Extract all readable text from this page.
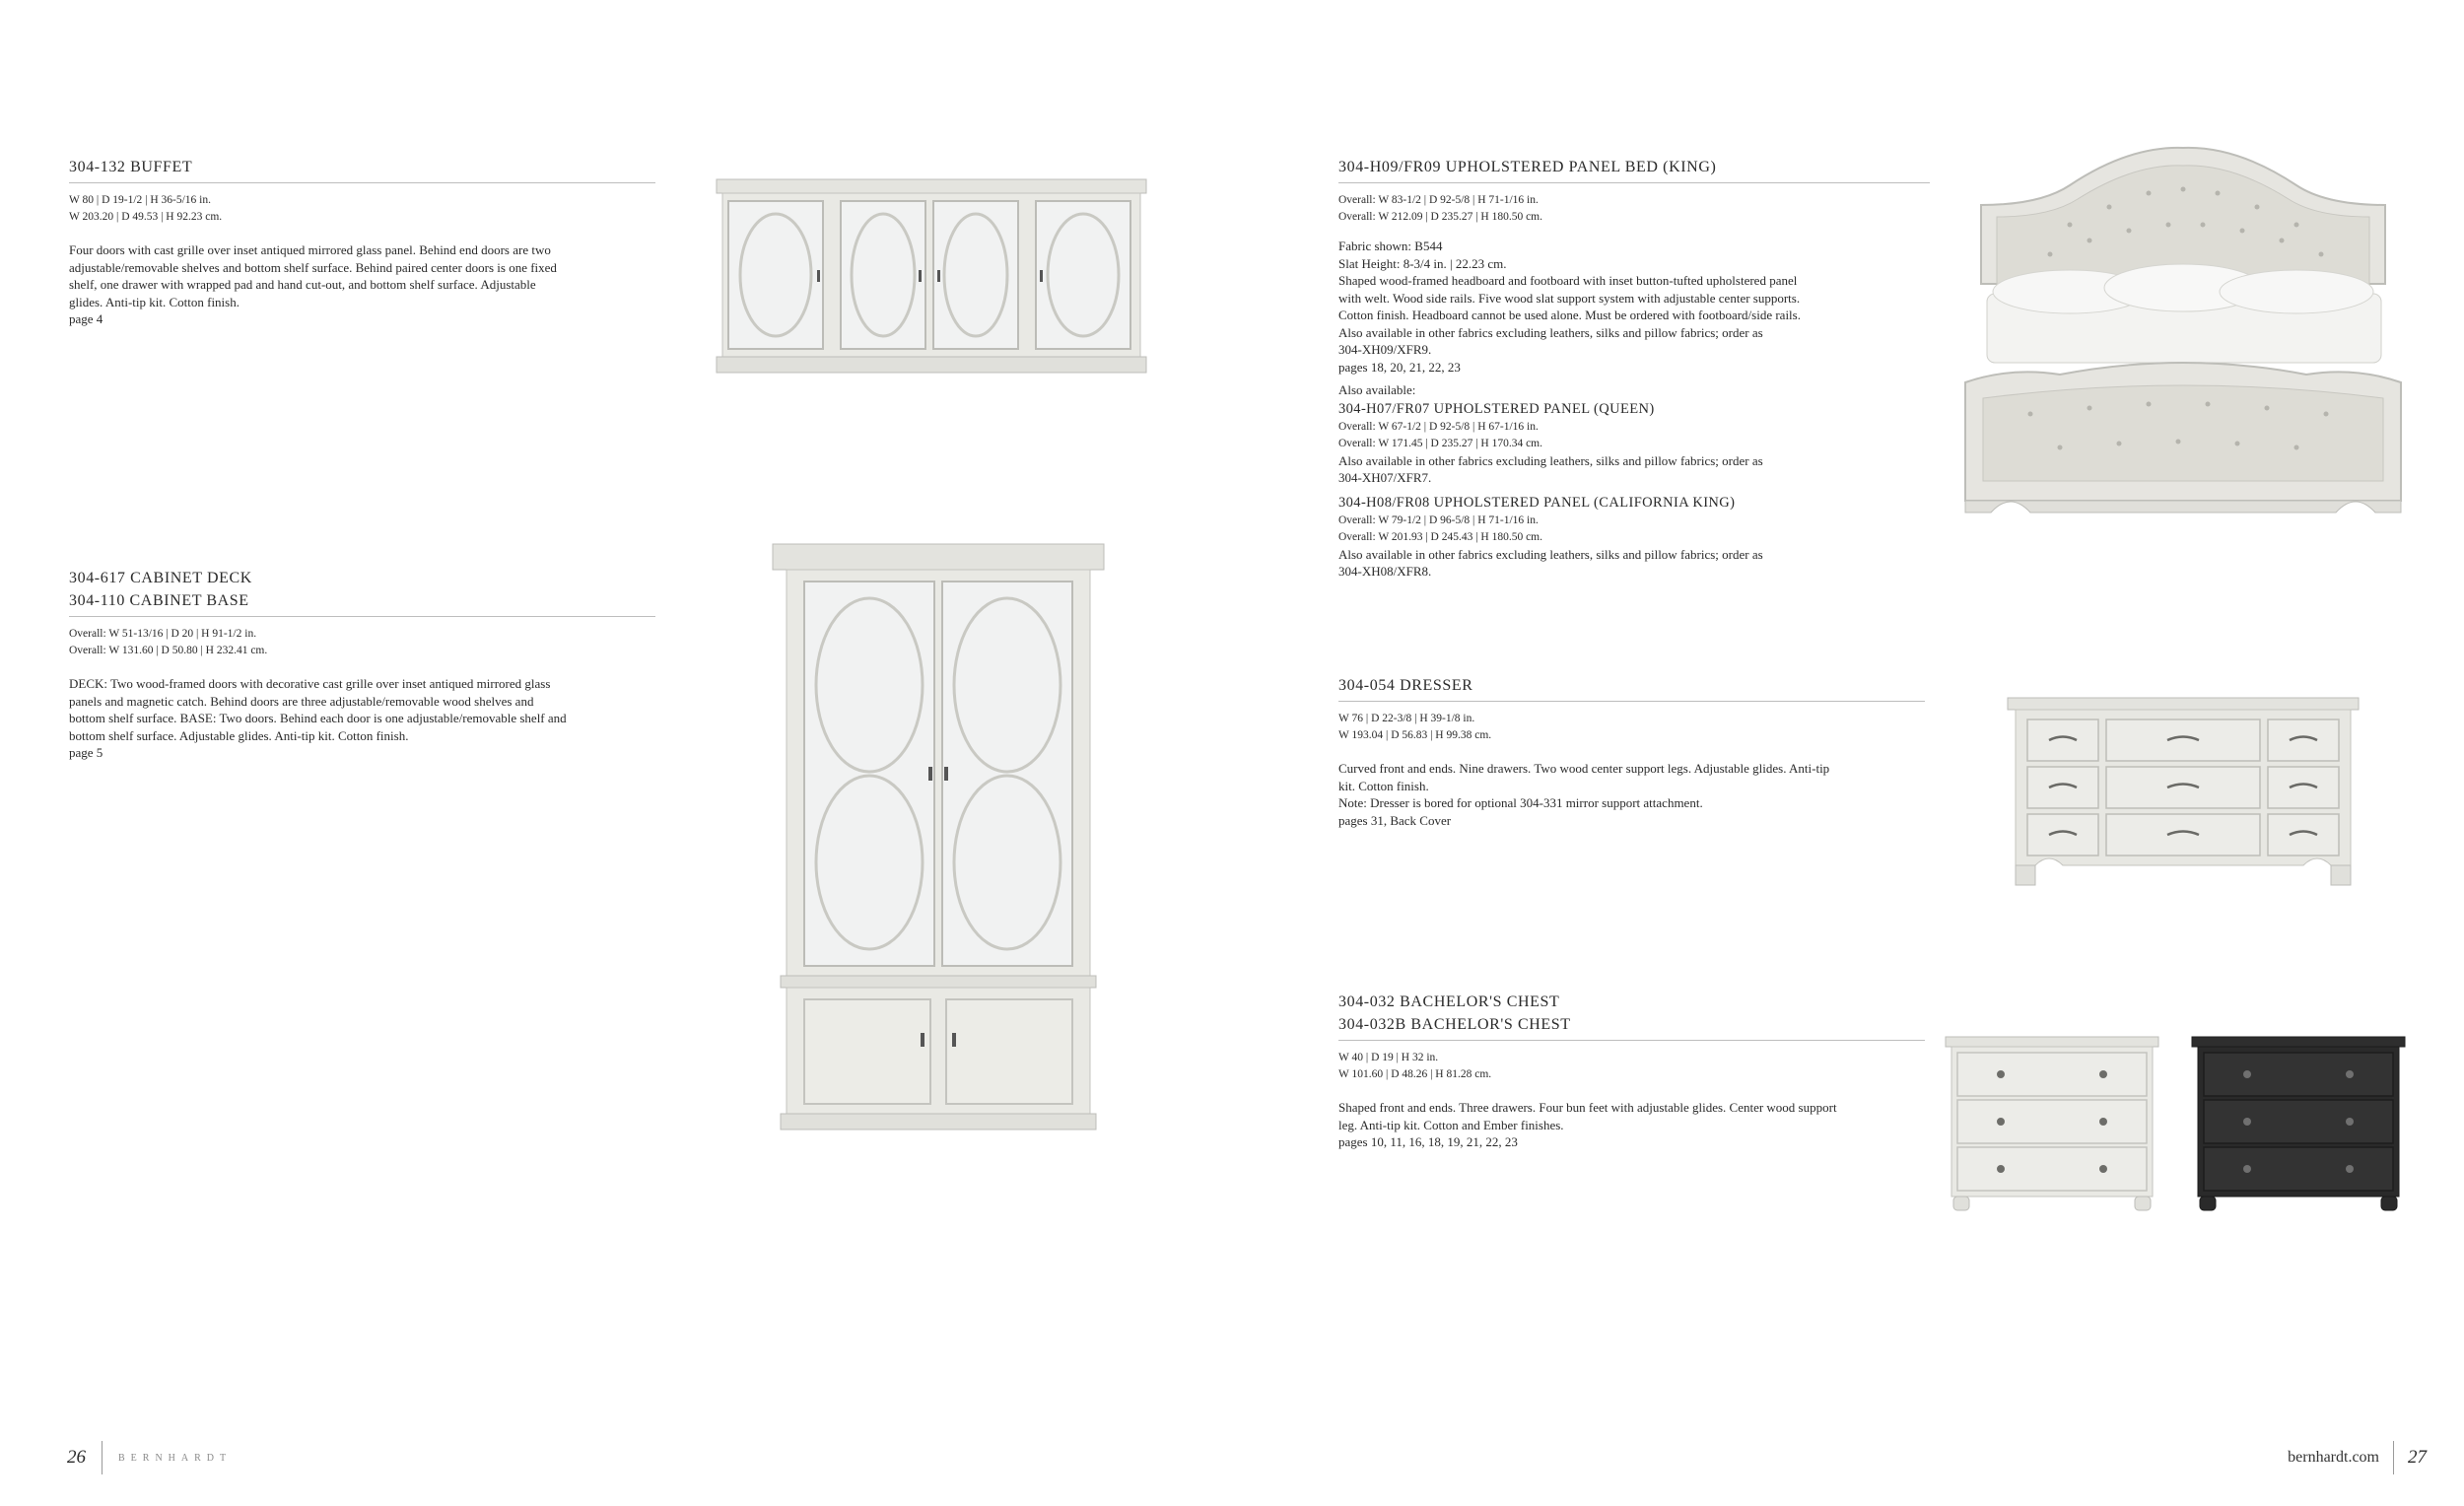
304-132 BUFFET
W 80 | D 19-1/2 | H 36-5/16 in.
W 203.20 | D 49.53 | H 92.23 cm.
Four doors with cast grille over inset antiqued mirrored glass panel. Behind end doors are two
adjustable/removable shelves and bottom shelf surface. Behind paired center doors is one fixed
shelf, one drawer with wrapped pad and hand cut-out, and bottom shelf surface. Adjustable
glides. Anti-tip kit. Cotton finish.
page 4
304-617 CABINET DECK
304-110 CABINET BASE
Overall: W 51-13/16 | D 20 | H 91-1/2 in.
Overall: W 131.60 | D 50.80 | H 232.41 cm.
DECK: Two wood-framed doors with decorative cast grille over inset antiqued mirrored glass
panels and magnetic catch. Behind doors are three adjustable/removable wood shelves and
bottom shelf surface. BASE: Two doors. Behind each door is one adjustable/removable shelf and
bottom shelf surface. Adjustable glides. Anti-tip kit. Cotton finish.
page 5
26	BERNHARDT
304-H09/FR09 UPHOLSTERED PANEL BED (KING)
Overall: W 83-1/2 | D 92-5/8 | H 71-1/16 in.
Overall: W 212.09 | D 235.27 | H 180.50 cm.
Fabric shown: B544
Slat Height: 8-3/4 in. | 22.23 cm.
Shaped wood-framed headboard and footboard with inset button-tufted upholstered panel
with welt. Wood side rails. Five wood slat support system with adjustable center supports.
Cotton finish. Headboard cannot be used alone. Must be ordered with footboard/side rails.
Also available in other fabrics excluding leathers, silks and pillow fabrics; order as
304-XH09/XFR9.
pages 18, 20, 21, 22, 23
Also available:
304-H07/FR07 UPHOLSTERED PANEL (QUEEN)
Overall: W 67-1/2 | D 92-5/8 | H 67-1/16 in.
Overall: W 171.45 | D 235.27 | H 170.34 cm.
Also available in other fabrics excluding leathers, silks and pillow fabrics; order as
304-XH07/XFR7.
304-H08/FR08 UPHOLSTERED PANEL (CALIFORNIA KING)
Overall: W 79-1/2 | D 96-5/8 | H 71-1/16 in.
Overall: W 201.93 | D 245.43 | H 180.50 cm.
Also available in other fabrics excluding leathers, silks and pillow fabrics; order as
304-XH08/XFR8.
304-054 DRESSER
W 76 | D 22-3/8 | H 39-1/8 in.
W 193.04 | D 56.83 | H 99.38 cm.
Curved front and ends. Nine drawers. Two wood center support legs. Adjustable glides. Anti-tip
kit. Cotton finish.
Note: Dresser is bored for optional 304-331 mirror support attachment.
pages 31, Back Cover
304-032 BACHELOR'S CHEST
304-032B BACHELOR'S CHEST
W 40 | D 19 | H 32 in.
W 101.60 | D 48.26 | H 81.28 cm.
Shaped front and ends. Three drawers. Four bun feet with adjustable glides. Center wood support
leg. Anti-tip kit. Cotton and Ember finishes.
pages 10, 11, 16, 18, 19, 21, 22, 23
bernhardt.com 27
